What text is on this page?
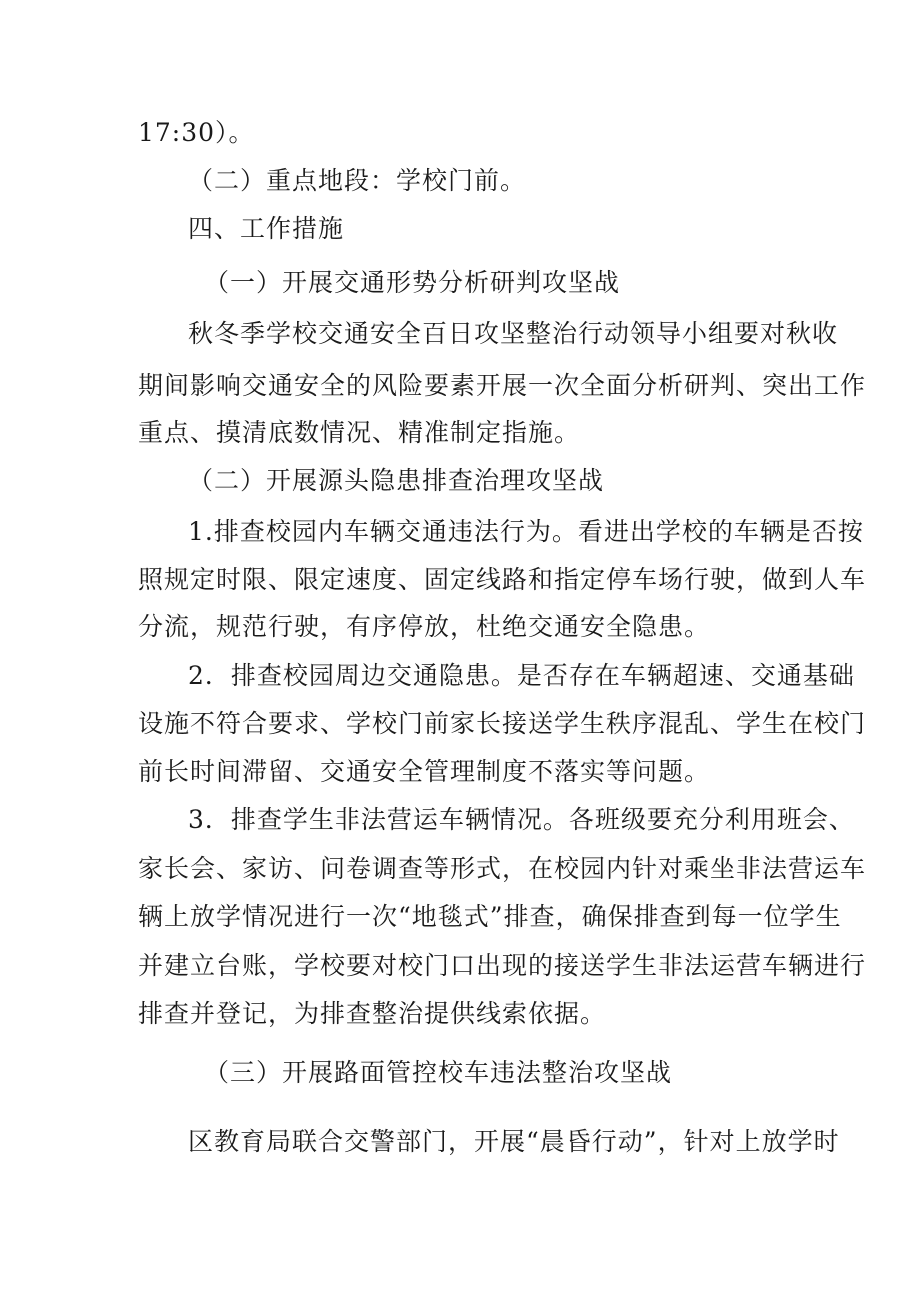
17:30）。
（二）重点地段：学校门前。
四、工作措施
（一）开展交通形势分析研判攻坚战
秋冬季学校交通安全百日攻坚整治行动领导小组要对秋收
期间影响交通安全的风险要素开展一次全面分析研判、突出工作
重点、摸清底数情况、精准制定指施。
（二）开展源头隐患排查治理攻坚战
1.排查校园内车辆交通违法行为。看进出学校的车辆是否按
照规定时限、限定速度、固定线路和指定停车场行驶，做到人车
分流，规范行驶，有序停放，杜绝交通安全隐患。
2．排查校园周边交通隐患。是否存在车辆超速、交通基础
设施不符合要求、学校门前家长接送学生秩序混乱、学生在校门
前长时间滞留、交通安全管理制度不落实等问题。
3．排查学生非法营运车辆情况。各班级要充分利用班会、
家长会、家访、问卷调查等形式，在校园内针对乘坐非法营运车
辆上放学情况进行一次“地毯式”排查，确保排查到每一位学生
并建立台账，学校要对校门口出现的接送学生非法运营车辆进行
排查并登记，为排查整治提供线索依据。
（三）开展路面管控校车违法整治攻坚战
区教育局联合交警部门，开展“晨昏行动”，针对上放学时
